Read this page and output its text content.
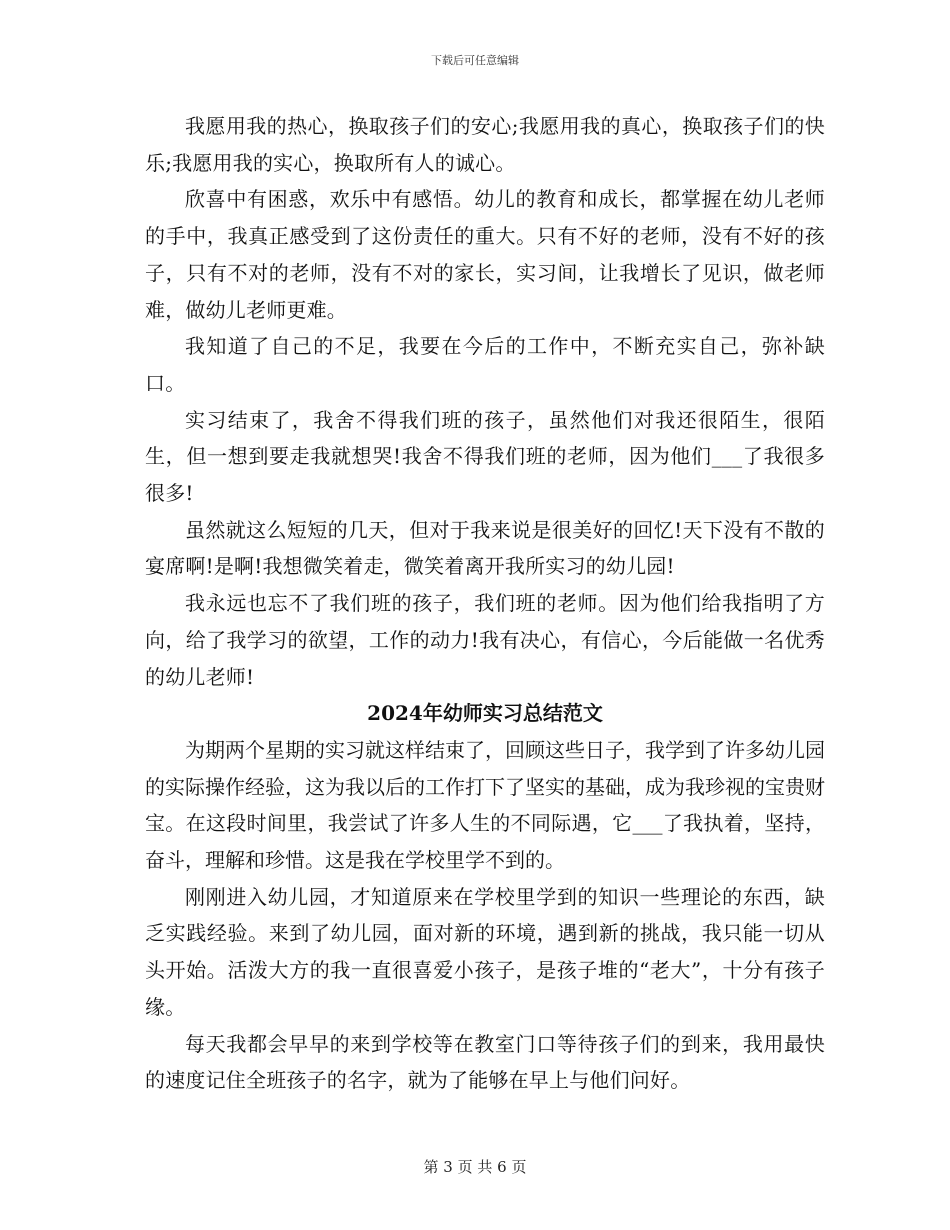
下载后可任意编辑

我愿用我的热心，换取孩子们的安心;我愿用我的真心，换取孩子们的快乐;我愿用我的实心，换取所有人的诚心。

欣喜中有困惑，欢乐中有感悟。幼儿的教育和成长，都掌握在幼儿老师的手中，我真正感受到了这份责任的重大。只有不好的老师，没有不好的孩子，只有不对的老师，没有不对的家长，实习间，让我增长了见识，做老师难，做幼儿老师更难。

我知道了自己的不足，我要在今后的工作中，不断充实自己，弥补缺口。

实习结束了，我舍不得我们班的孩子，虽然他们对我还很陌生，很陌生，但一想到要走我就想哭!我舍不得我们班的老师，因为他们___了我很多很多!

虽然就这么短短的几天，但对于我来说是很美好的回忆!天下没有不散的宴席啊!是啊!我想微笑着走，微笑着离开我所实习的幼儿园!

我永远也忘不了我们班的孩子，我们班的老师。因为他们给我指明了方向，给了我学习的欲望，工作的动力!我有决心，有信心，今后能做一名优秀的幼儿老师!

2024年幼师实习总结范文

为期两个星期的实习就这样结束了，回顾这些日子，我学到了许多幼儿园的实际操作经验，这为我以后的工作打下了坚实的基础，成为我珍视的宝贵财宝。在这段时间里，我尝试了许多人生的不同际遇，它___了我执着，坚持，奋斗，理解和珍惜。这是我在学校里学不到的。

刚刚进入幼儿园，才知道原来在学校里学到的知识一些理论的东西，缺乏实践经验。来到了幼儿园，面对新的环境，遇到新的挑战，我只能一切从头开始。活泼大方的我一直很喜爱小孩子，是孩子堆的“老大”，十分有孩子缘。

每天我都会早早的来到学校等在教室门口等待孩子们的到来，我用最快的速度记住全班孩子的名字，就为了能够在早上与他们问好。

第 3 页 共 6 页
